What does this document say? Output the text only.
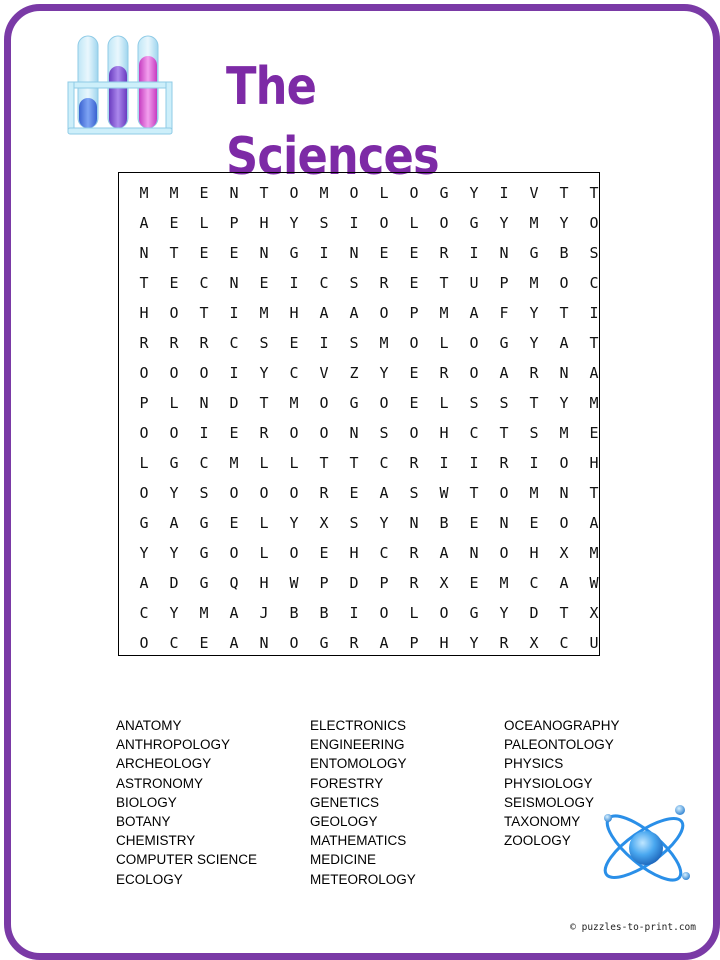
The Sciences
M	M	E	N	T	O	M	O	L	O	G	Y	I	V	T	T
A	E	L	P	H	Y	S	I	O	L	O	G	Y	M	Y	O
N	T	E	E	N	G	I	N	E	E	R	I	N	G	B	S
T	E	C	N	E	I	C	S	R	E	T	U	P	M	O	C
H	O	T	I	M	H	A	A	O	P	M	A	F	Y	T	I
R	R	R	C	S	E	I	S	M	O	L	O	G	Y	A	T
O	O	O	I	Y	C	V	Z	Y	E	R	O	A	R	N	A
P	L	N	D	T	M	O	G	O	E	L	S	S	T	Y	M
O	O	I	E	R	O	O	N	S	O	H	C	T	S	M	E
L	G	C	M	L	L	T	T	C	R	I	I	R	I	O	H
O	Y	S	O	O	O	R	E	A	S	W	T	O	M	N	T
G	A	G	E	L	Y	X	S	Y	N	B	E	N	E	O	A
Y	Y	G	O	L	O	E	H	C	R	A	N	O	H	X	M
A	D	G	Q	H	W	P	D	P	R	X	E	M	C	A	W
C	Y	M	A	J	B	B	I	O	L	O	G	Y	D	T	X
O	C	E	A	N	O	G	R	A	P	H	Y	R	X	C	U
ANATOMY
ANTHROPOLOGY
ARCHEOLOGY
ASTRONOMY
BIOLOGY
BOTANY
CHEMISTRY
COMPUTER SCIENCE
ECOLOGY
ELECTRONICS
ENGINEERING
ENTOMOLOGY
FORESTRY
GENETICS
GEOLOGY
MATHEMATICS
MEDICINE
METEOROLOGY
OCEANOGRAPHY
PALEONTOLOGY
PHYSICS
PHYSIOLOGY
SEISMOLOGY
TAXONOMY
ZOOLOGY
© puzzles-to-print.com
